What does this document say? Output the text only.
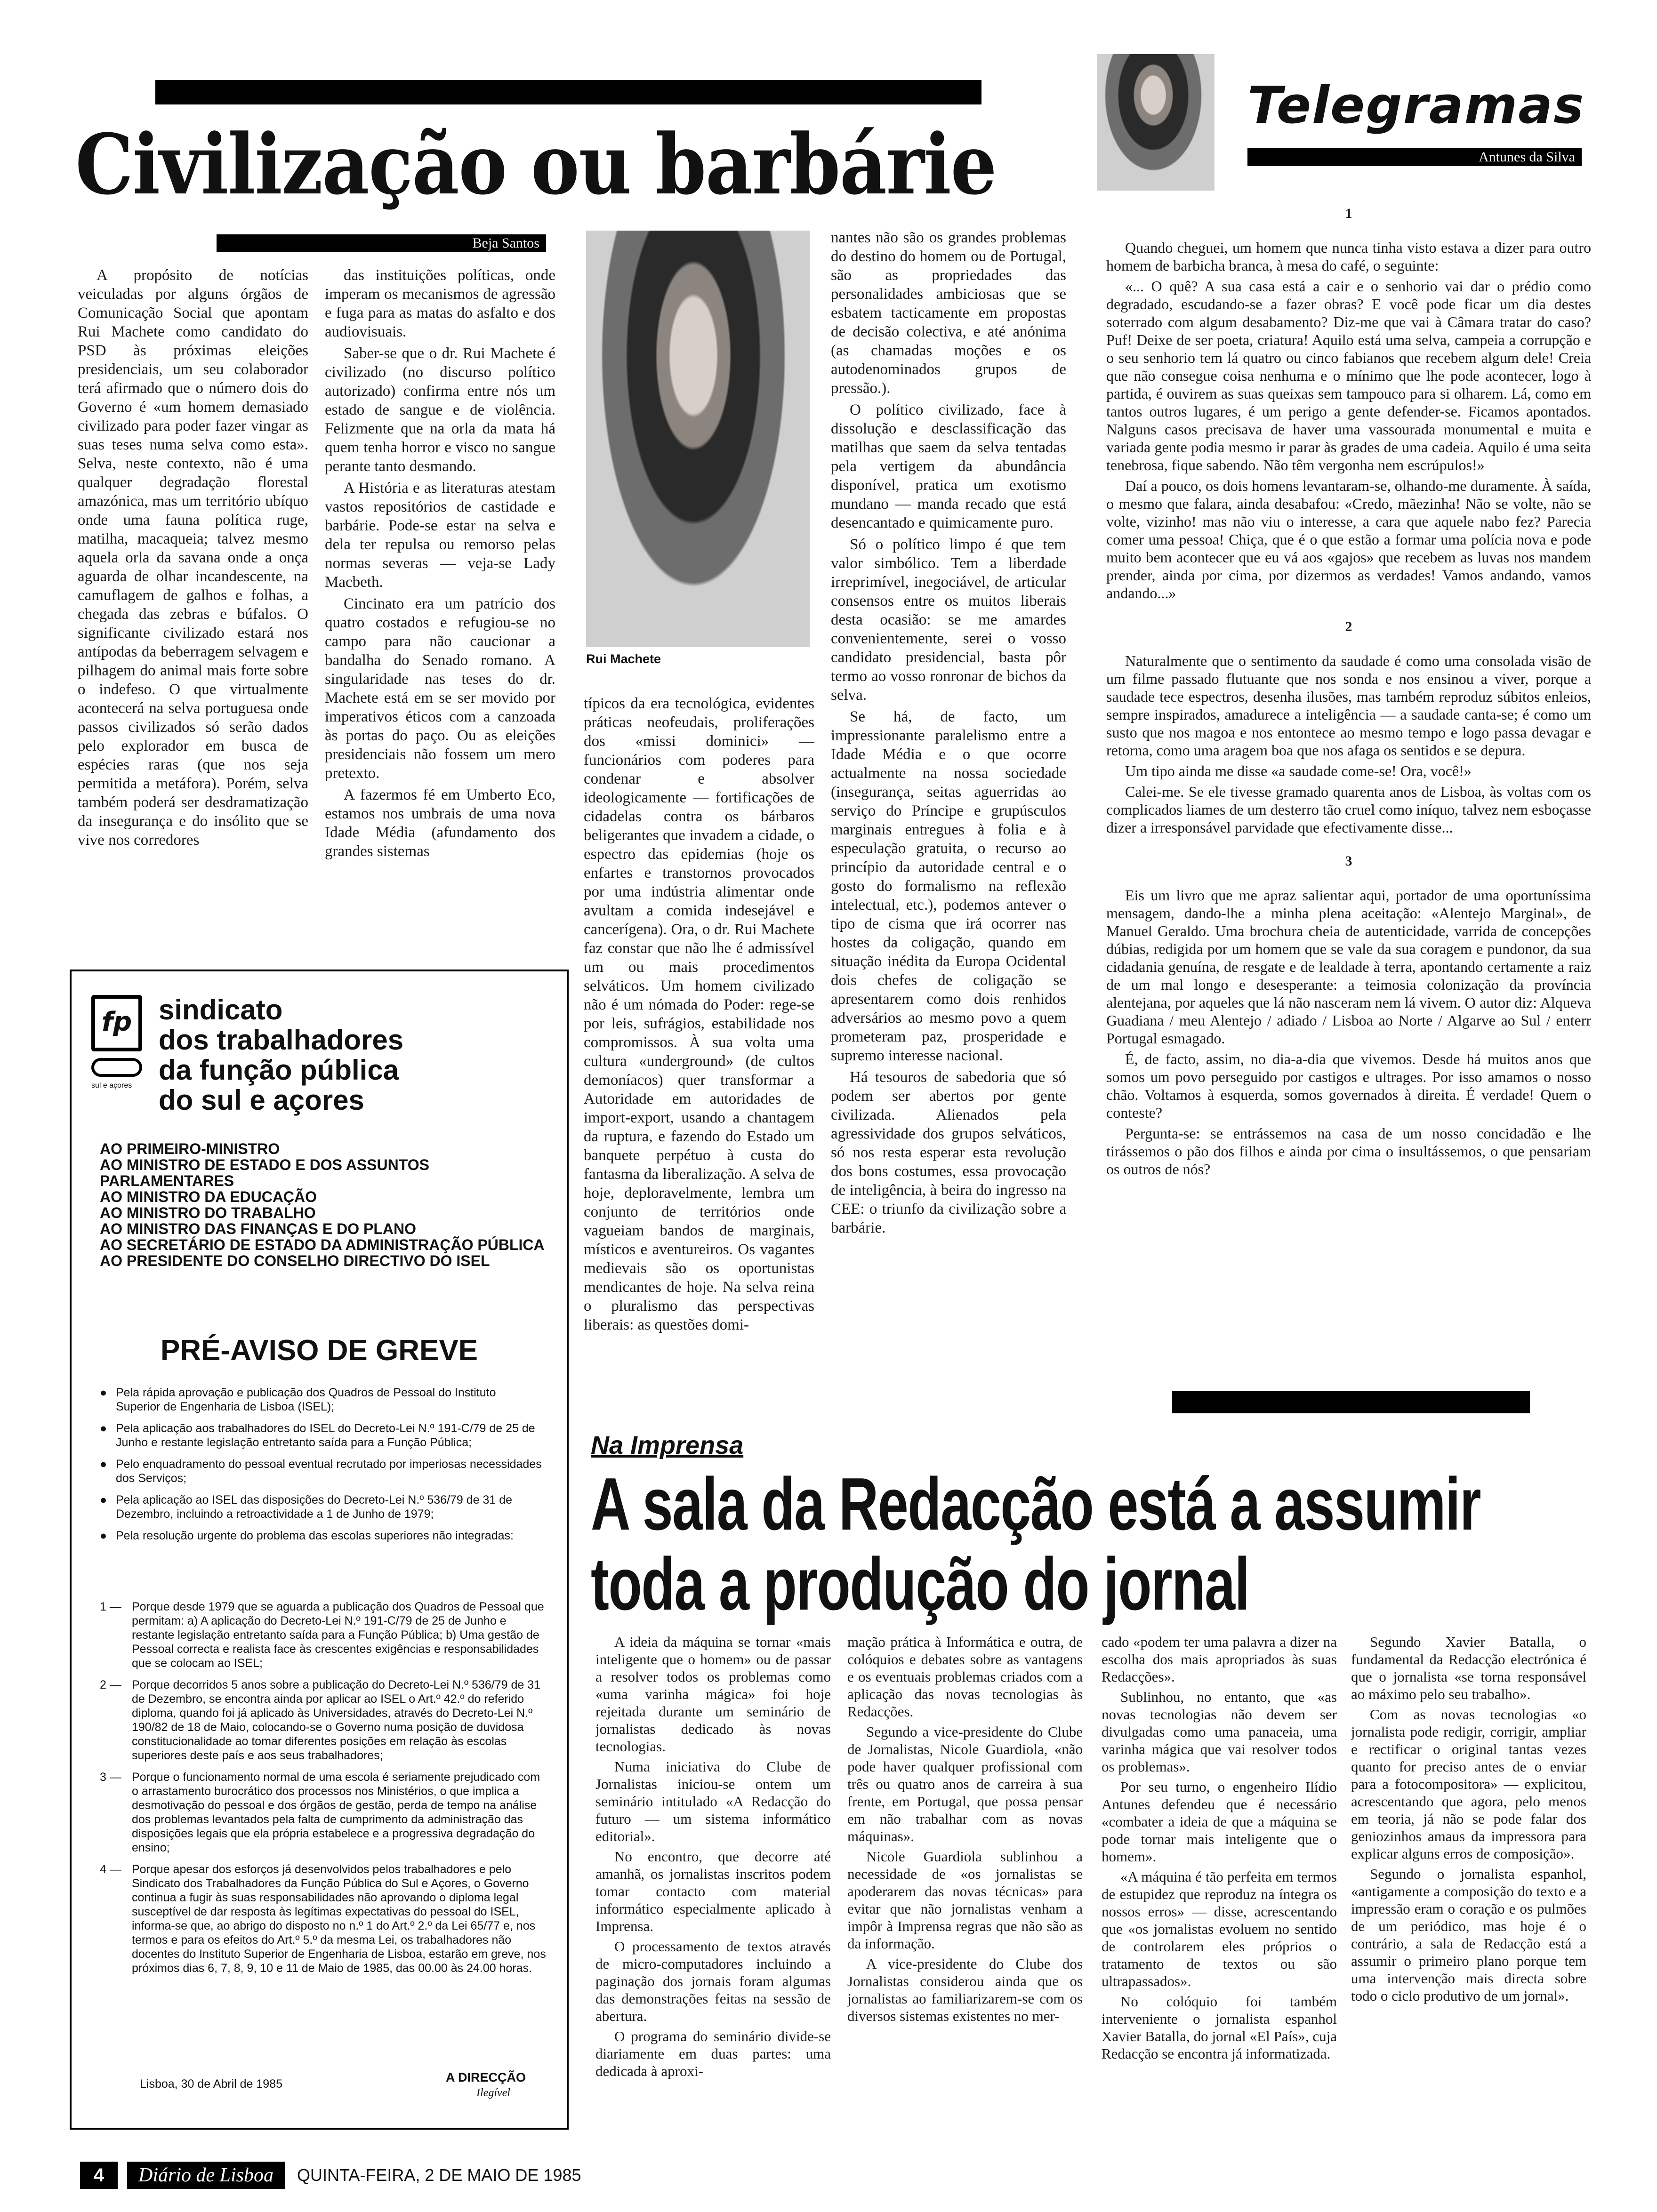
Civilização ou barbárie
Beja Santos

A propósito de notícias veiculadas por alguns órgãos de Comunicação Social que apontam Rui Machete como candidato do PSD às próximas eleições presidenciais, um seu colaborador terá afirmado que o número dois do Governo é «um homem demasiado civilizado para poder fazer vingar as suas teses numa selva como esta». Selva, neste contexto, não é uma qualquer degradação florestal amazónica, mas um território ubíquo onde uma fauna política ruge, matilha, macaqueia; talvez mesmo aquela orla da savana onde a onça aguarda de olhar incandescente, na camuflagem de galhos e folhas, a chegada das zebras e búfalos. O significante civilizado estará nos antípodas da beberragem selvagem e pilhagem do animal mais forte sobre o indefeso. O que virtualmente acontecerá na selva portuguesa onde passos civilizados só serão dados pelo explorador em busca de espécies raras (que nos seja permitida a metáfora). Porém, selva também poderá ser desdramatização da insegurança e do insólito que se vive nos corredores

das instituições políticas, onde imperam os mecanismos de agressão e fuga para as matas do asfalto e dos audiovisuais.

Saber-se que o dr. Rui Machete é civilizado (no discurso político autorizado) confirma entre nós um estado de sangue e de violência. Felizmente que na orla da mata há quem tenha horror e visco no sangue perante tanto desmando.

A História e as literaturas atestam vastos repositórios de castidade e barbárie. Pode-se estar na selva e dela ter repulsa ou remorso pelas normas severas — veja-se Lady Macbeth.

Cincinato era um patrício dos quatro costados e refugiou-se no campo para não caucionar a bandalha do Senado romano. A singularidade nas teses do dr. Machete está em se ser movido por imperativos éticos com a canzoada às portas do paço. Ou as eleições presidenciais não fossem um mero pretexto.

A fazermos fé em Umberto Eco, estamos nos umbrais de uma nova Idade Média (afundamento dos grandes sistemas

Rui Machete

típicos da era tecnológica, evidentes práticas neofeudais, proliferações dos «missi dominici» — funcionários com poderes para condenar e absolver ideologicamente — fortificações de cidadelas contra os bárbaros beligerantes que invadem a cidade, o espectro das epidemias (hoje os enfartes e transtornos provocados por uma indústria alimentar onde avultam a comida indesejável e cancerígena). Ora, o dr. Rui Machete faz constar que não lhe é admissível um ou mais procedimentos selváticos. Um homem civilizado não é um nómada do Poder: rege-se por leis, sufrágios, estabilidade nos compromissos. À sua volta uma cultura «underground» (de cultos demoníacos) quer transformar a Autoridade em autoridades de import-export, usando a chantagem da ruptura, e fazendo do Estado um banquete perpétuo à custa do fantasma da liberalização. A selva de hoje, deploravelmente, lembra um conjunto de territórios onde vagueiam bandos de marginais, místicos e aventureiros. Os vagantes medievais são os oportunistas mendicantes de hoje. Na selva reina o pluralismo das perspectivas liberais: as questões domi-

nantes não são os grandes problemas do destino do homem ou de Portugal, são as propriedades das personalidades ambiciosas que se esbatem tacticamente em propostas de decisão colectiva, e até anónima (as chamadas moções e os autodenominados grupos de pressão.).

O político civilizado, face à dissolução e desclassificação das matilhas que saem da selva tentadas pela vertigem da abundância disponível, pratica um exotismo mundano — manda recado que está desencantado e quimicamente puro.

Só o político limpo é que tem valor simbólico. Tem a liberdade irreprimível, inegociável, de articular consensos entre os muitos liberais desta ocasião: se me amardes convenientemente, serei o vosso candidato presidencial, basta pôr termo ao vosso ronronar de bichos da selva.

Se há, de facto, um impressionante paralelismo entre a Idade Média e o que ocorre actualmente na nossa sociedade (insegurança, seitas aguerridas ao serviço do Príncipe e grupúsculos marginais entregues à folia e à especulação gratuita, o recurso ao princípio da autoridade central e o gosto do formalismo na reflexão intelectual, etc.), podemos antever o tipo de cisma que irá ocorrer nas hostes da coligação, quando em situação inédita da Europa Ocidental dois chefes de coligação se apresentarem como dois renhidos adversários ao mesmo povo a quem prometeram paz, prosperidade e supremo interesse nacional.

Há tesouros de sabedoria que só podem ser abertos por gente civilizada. Alienados pela agressividade dos grupos selváticos, só nos resta esperar esta revolução dos bons costumes, essa provocação de inteligência, à beira do ingresso na CEE: o triunfo da civilização sobre a barbárie.

Telegramas
Antunes da Silva
1

Quando cheguei, um homem que nunca tinha visto estava a dizer para outro homem de barbicha branca, à mesa do café, o seguinte:

«... O quê? A sua casa está a cair e o senhorio vai dar o prédio como degradado, escudando-se a fazer obras? E você pode ficar um dia destes soterrado com algum desabamento? Diz-me que vai à Câmara tratar do caso? Puf! Deixe de ser poeta, criatura! Aquilo está uma selva, campeia a corrupção e o seu senhorio tem lá quatro ou cinco fabianos que recebem algum dele! Creia que não consegue coisa nenhuma e o mínimo que lhe pode acontecer, logo à partida, é ouvirem as suas queixas sem tampouco para si olharem. Lá, como em tantos outros lugares, é um perigo a gente defender-se. Ficamos apontados. Nalguns casos precisava de haver uma vassourada monumental e muita e variada gente podia mesmo ir parar às grades de uma cadeia. Aquilo é uma seita tenebrosa, fique sabendo. Não têm vergonha nem escrúpulos!»

Daí a pouco, os dois homens levantaram-se, olhando-me duramente. À saída, o mesmo que falara, ainda desabafou: «Credo, mãezinha! Não se volte, não se volte, vizinho! mas não viu o interesse, a cara que aquele nabo fez? Parecia comer uma pessoa! Chiça, que é o que estão a formar uma polícia nova e pode muito bem acontecer que eu vá aos «gajos» que recebem as luvas nos mandem prender, ainda por cima, por dizermos as verdades! Vamos andando, vamos andando...»

2

Naturalmente que o sentimento da saudade é como uma consolada visão de um filme passado flutuante que nos sonda e nos ensinou a viver, porque a saudade tece espectros, desenha ilusões, mas também reproduz súbitos enleios, sempre inspirados, amadurece a inteligência — a saudade canta-se; é como um susto que nos magoa e nos entontece ao mesmo tempo e logo passa devagar e retorna, como uma aragem boa que nos afaga os sentidos e se depura.

Um tipo ainda me disse «a saudade come-se! Ora, você!»

Calei-me. Se ele tivesse gramado quarenta anos de Lisboa, às voltas com os complicados liames de um desterro tão cruel como iníquo, talvez nem esboçasse dizer a irresponsável parvidade que efectivamente disse...

3

Eis um livro que me apraz salientar aqui, portador de uma oportuníssima mensagem, dando-lhe a minha plena aceitação: «Alentejo Marginal», de Manuel Geraldo. Uma brochura cheia de autenticidade, varrida de concepções dúbias, redigida por um homem que se vale da sua coragem e pundonor, da sua cidadania genuína, de resgate e de lealdade à terra, apontando certamente a raiz de um mal longo e desesperante: a teimosia colonização da província alentejana, por aqueles que lá não nasceram nem lá vivem. O autor diz: Alqueva Guadiana / meu Alentejo / adiado / Lisboa ao Norte / Algarve ao Sul / enterr Portugal esmagado.

É, de facto, assim, no dia-a-dia que vivemos. Desde há muitos anos que somos um povo perseguido por castigos e ultrages. Por isso amamos o nosso chão. Voltamos à esquerda, somos governados à direita. É verdade! Quem o conteste?

Pergunta-se: se entrássemos na casa de um nosso concidadão e lhe tirássemos o pão dos filhos e ainda por cima o insultássemos, o que pensariam os outros de nós?

fp
sul e açores
sindicato
dos trabalhadores
da função pública
do sul e açores
AO PRIMEIRO-MINISTRO
AO MINISTRO DE ESTADO E DOS ASSUNTOS PARLAMENTARES
AO MINISTRO DA EDUCAÇÃO
AO MINISTRO DO TRABALHO
AO MINISTRO DAS FINANÇAS E DO PLANO
AO SECRETÁRIO DE ESTADO DA ADMINISTRAÇÃO PÚBLICA
AO PRESIDENTE DO CONSELHO DIRECTIVO DO ISEL
PRÉ-AVISO DE GREVE
● Pela rápida aprovação e publicação dos Quadros de Pessoal do Instituto Superior de Engenharia de Lisboa (ISEL);
● Pela aplicação aos trabalhadores do ISEL do Decreto-Lei N.º 191-C/79 de 25 de Junho e restante legislação entretanto saída para a Função Pública;
● Pelo enquadramento do pessoal eventual recrutado por imperiosas necessidades dos Serviços;
● Pela aplicação ao ISEL das disposições do Decreto-Lei N.º 536/79 de 31 de Dezembro, incluindo a retroactividade a 1 de Junho de 1979;
● Pela resolução urgente do problema das escolas superiores não integradas:
1 — Porque desde 1979 que se aguarda a publicação dos Quadros de Pessoal que permitam: a) A aplicação do Decreto-Lei N.º 191-C/79 de 25 de Junho e restante legislação entretanto saída para a Função Pública; b) Uma gestão de Pessoal correcta e realista face às crescentes exigências e responsabilidades que se colocam ao ISEL;
2 — Porque decorridos 5 anos sobre a publicação do Decreto-Lei N.º 536/79 de 31 de Dezembro, se encontra ainda por aplicar ao ISEL o Art.º 42.º do referido diploma, quando foi já aplicado às Universidades, através do Decreto-Lei N.º 190/82 de 18 de Maio, colocando-se o Governo numa posição de duvidosa constitucionalidade ao tomar diferentes posições em relação às escolas superiores deste país e aos seus trabalhadores;
3 — Porque o funcionamento normal de uma escola é seriamente prejudicado com o arrastamento burocrático dos processos nos Ministérios, o que implica a desmotivação do pessoal e dos órgãos de gestão, perda de tempo na análise dos problemas levantados pela falta de cumprimento da administração das disposições legais que ela própria estabelece e a progressiva degradação do ensino;
4 — Porque apesar dos esforços já desenvolvidos pelos trabalhadores e pelo Sindicato dos Trabalhadores da Função Pública do Sul e Açores, o Governo continua a fugir às suas responsabilidades não aprovando o diploma legal susceptível de dar resposta às legítimas expectativas do pessoal do ISEL, informa-se que, ao abrigo do disposto no n.º 1 do Art.º 2.º da Lei 65/77 e, nos termos e para os efeitos do Art.º 5.º da mesma Lei, os trabalhadores não docentes do Instituto Superior de Engenharia de Lisboa, estarão em greve, nos próximos dias 6, 7, 8, 9, 10 e 11 de Maio de 1985, das 00.00 às 24.00 horas.
Lisboa, 30 de Abril de 1985	A DIRECÇÃO
Ilegível
Na Imprensa
A sala da Redacção está a assumir
toda a produção do jornal

A ideia da máquina se tornar «mais inteligente que o homem» ou de passar a resolver todos os problemas como «uma varinha mágica» foi hoje rejeitada durante um seminário de jornalistas dedicado às novas tecnologias.

Numa iniciativa do Clube de Jornalistas iniciou-se ontem um seminário intitulado «A Redacção do futuro — um sistema informático editorial».

No encontro, que decorre até amanhã, os jornalistas inscritos podem tomar contacto com material informático especialmente aplicado à Imprensa.

O processamento de textos através de micro-computadores incluindo a paginação dos jornais foram algumas das demonstrações feitas na sessão de abertura.

O programa do seminário divide-se diariamente em duas partes: uma dedicada à aproxi-

mação prática à Informática e outra, de colóquios e debates sobre as vantagens e os eventuais problemas criados com a aplicação das novas tecnologias às Redacções.

Segundo a vice-presidente do Clube de Jornalistas, Nicole Guardiola, «não pode haver qualquer profissional com três ou quatro anos de carreira à sua frente, em Portugal, que possa pensar em não trabalhar com as novas máquinas».

Nicole Guardiola sublinhou a necessidade de «os jornalistas se apoderarem das novas técnicas» para evitar que não jornalistas venham a impôr à Imprensa regras que não são as da informação.

A vice-presidente do Clube dos Jornalistas considerou ainda que os jornalistas ao familiarizarem-se com os diversos sistemas existentes no mer-

cado «podem ter uma palavra a dizer na escolha dos mais apropriados às suas Redacções».

Sublinhou, no entanto, que «as novas tecnologias não devem ser divulgadas como uma panaceia, uma varinha mágica que vai resolver todos os problemas».

Por seu turno, o engenheiro Ilídio Antunes defendeu que é necessário «combater a ideia de que a máquina se pode tornar mais inteligente que o homem».

«A máquina é tão perfeita em termos de estupidez que reproduz na íntegra os nossos erros» — disse, acrescentando que «os jornalistas evoluem no sentido de controlarem eles próprios o tratamento de textos ou são ultrapassados».

No colóquio foi também interveniente o jornalista espanhol Xavier Batalla, do jornal «El País», cuja Redacção se encontra já informatizada.

Segundo Xavier Batalla, o fundamental da Redacção electrónica é que o jornalista «se torna responsável ao máximo pelo seu trabalho».

Com as novas tecnologias «o jornalista pode redigir, corrigir, ampliar e rectificar o original tantas vezes quanto for preciso antes de o enviar para a fotocompositora» — explicitou, acrescentando que agora, pelo menos em teoria, já não se pode falar dos geniozinhos amaus da impressora para explicar alguns erros de composição».

Segundo o jornalista espanhol, «antigamente a composição do texto e a impressão eram o coração e os pulmões de um periódico, mas hoje é o contrário, a sala de Redacção está a assumir o primeiro plano porque tem uma intervenção mais directa sobre todo o ciclo produtivo de um jornal».

4	Diário de Lisboa	QUINTA-FEIRA, 2 DE MAIO DE 1985
